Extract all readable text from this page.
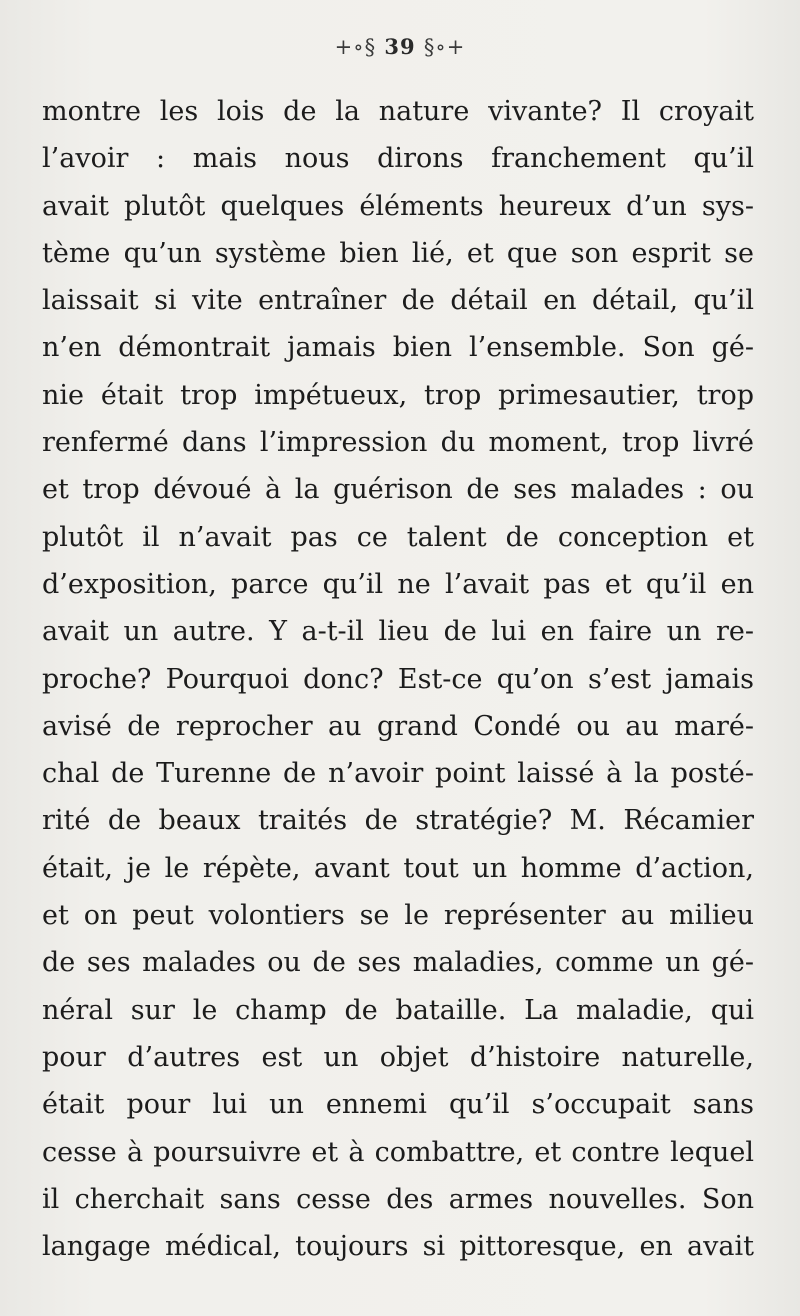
+∘§ 39 §∘+
montre les lois de la nature vivante? Il croyait
l’avoir : mais nous dirons franchement qu’il
avait plutôt quelques éléments heureux d’un sys-
tème qu’un système bien lié, et que son esprit se
laissait si vite entraîner de détail en détail, qu’il
n’en démontrait jamais bien l’ensemble. Son gé-
nie était trop impétueux, trop primesautier, trop
renfermé dans l’impression du moment, trop livré
et trop dévoué à la guérison de ses malades : ou
plutôt il n’avait pas ce talent de conception et
d’exposition, parce qu’il ne l’avait pas et qu’il en
avait un autre. Y a-t-il lieu de lui en faire un re-
proche? Pourquoi donc? Est-ce qu’on s’est jamais
avisé de reprocher au grand Condé ou au maré-
chal de Turenne de n’avoir point laissé à la posté-
rité de beaux traités de stratégie? M. Récamier
était, je le répète, avant tout un homme d’action,
et on peut volontiers se le représenter au milieu
de ses malades ou de ses maladies, comme un gé-
néral sur le champ de bataille. La maladie, qui
pour d’autres est un objet d’histoire naturelle,
était pour lui un ennemi qu’il s’occupait sans
cesse à poursuivre et à combattre, et contre lequel
il cherchait sans cesse des armes nouvelles. Son
langage médical, toujours si pittoresque, en avait
